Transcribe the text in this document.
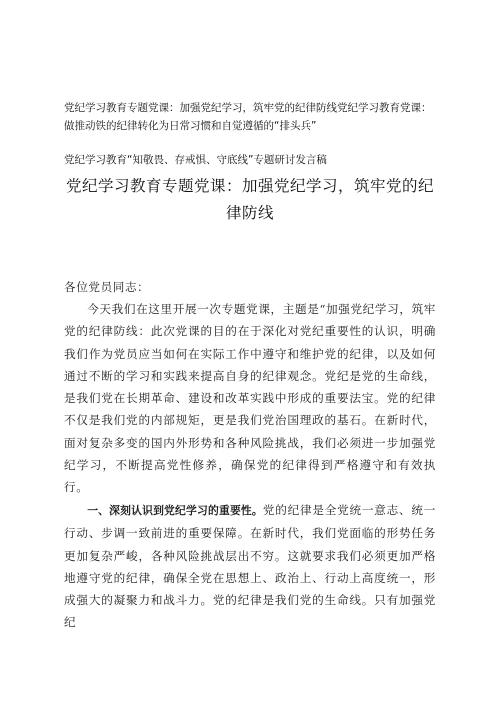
党纪学习教育专题党课：加强党纪学习，筑牢党的纪律防线党纪学习教育党课：做推动铁的纪律转化为日常习惯和自觉遵循的“排头兵”
党纪学习教育“知敬畏、存戒惧、守底线”专题研讨发言稿
党纪学习教育专题党课：加强党纪学习，筑牢党的纪律防线
各位党员同志：
今天我们在这里开展一次专题党课，主题是“加强党纪学习，筑牢党的纪律防线：此次党课的目的在于深化对党纪重要性的认识，明确我们作为党员应当如何在实际工作中遵守和维护党的纪律，以及如何通过不断的学习和实践来提高自身的纪律观念。党纪是党的生命线，是我们党在长期革命、建设和改革实践中形成的重要法宝。党的纪律不仅是我们党的内部规矩，更是我们党治国理政的基石。在新时代，面对复杂多变的国内外形势和各种风险挑战，我们必须进一步加强党纪学习，不断提高党性修养，确保党的纪律得到严格遵守和有效执行。
一、深刻认识到党纪学习的重要性。党的纪律是全党统一意志、统一行动、步调一致前进的重要保障。在新时代，我们党面临的形势任务更加复杂严峻，各种风险挑战层出不穷。这就要求我们必须更加严格地遵守党的纪律，确保全党在思想上、政治上、行动上高度统一，形成强大的凝聚力和战斗力。党的纪律是我们党的生命线。只有加强党纪
